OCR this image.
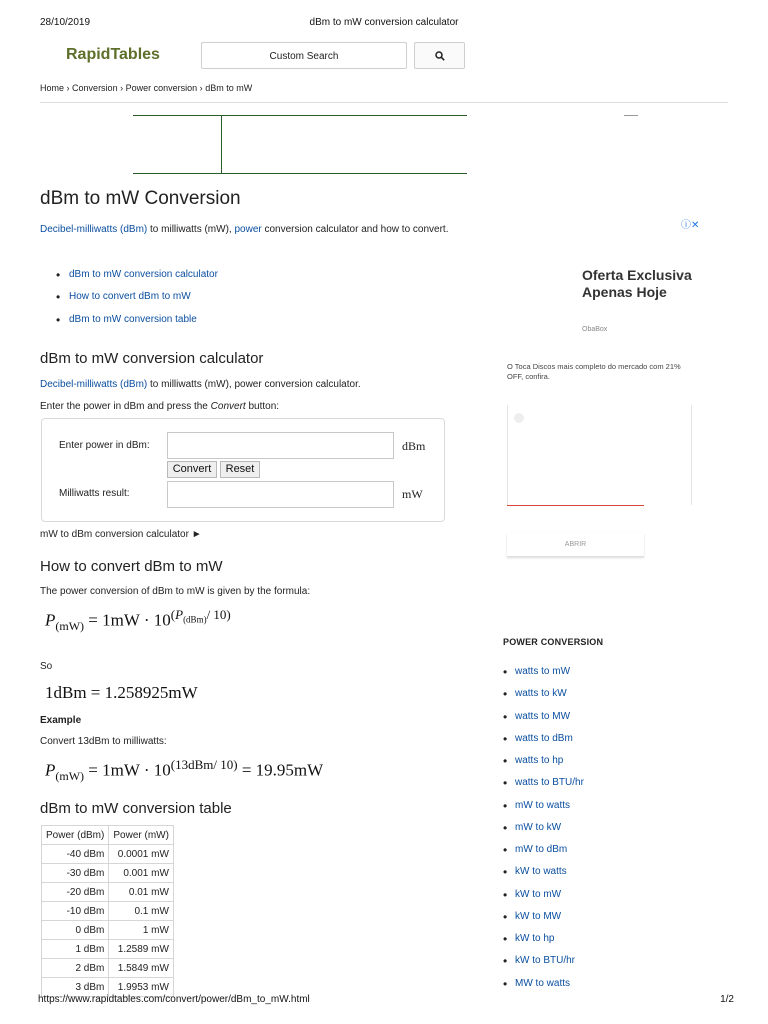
28/10/2019	dBm to mW conversion calculator
RapidTables	Custom Search
Home › Conversion › Power conversion › dBm to mW
dBm to mW Conversion
Decibel-milliwatts (dBm) to milliwatts (mW), power conversion calculator and how to convert.
• dBm to mW conversion calculator
• How to convert dBm to mW
• dBm to mW conversion table
dBm to mW conversion calculator
Decibel-milliwatts (dBm) to milliwatts (mW), power conversion calculator.
Enter the power in dBm and press the Convert button:
Enter power in dBm:	dBm
Convert	Reset
Milliwatts result:	mW
mW to dBm conversion calculator ►
How to convert dBm to mW
The power conversion of dBm to mW is given by the formula:
$P_{(mW)} = 1mW \cdot 10^{(P_{(dBm)}/ 10)}$
So
1dBm = 1.258925mW
Example
Convert 13dBm to milliwatts:
$P_{(mW)} = 1mW \cdot 10^{(13dBm/ 10)} = 19.95mW$
dBm to mW conversion table
Power (dBm)	Power (mW)
-40 dBm	0.0001 mW
-30 dBm	0.001 mW
-20 dBm	0.01 mW
-10 dBm	0.1 mW
0 dBm	1 mW
1 dBm	1.2589 mW
2 dBm	1.5849 mW
3 dBm	1.9953 mW
ⓘ✕
Oferta Exclusiva Apenas Hoje
ObaBox
O Toca Discos mais completo do mercado com 21% OFF, confira.
ABRIR
POWER CONVERSION
• watts to mW
• watts to kW
• watts to MW
• watts to dBm
• watts to hp
• watts to BTU/hr
• mW to watts
• mW to kW
• mW to dBm
• kW to watts
• kW to mW
• kW to MW
• kW to hp
• kW to BTU/hr
• MW to watts
https://www.rapidtables.com/convert/power/dBm_to_mW.html	1/2
